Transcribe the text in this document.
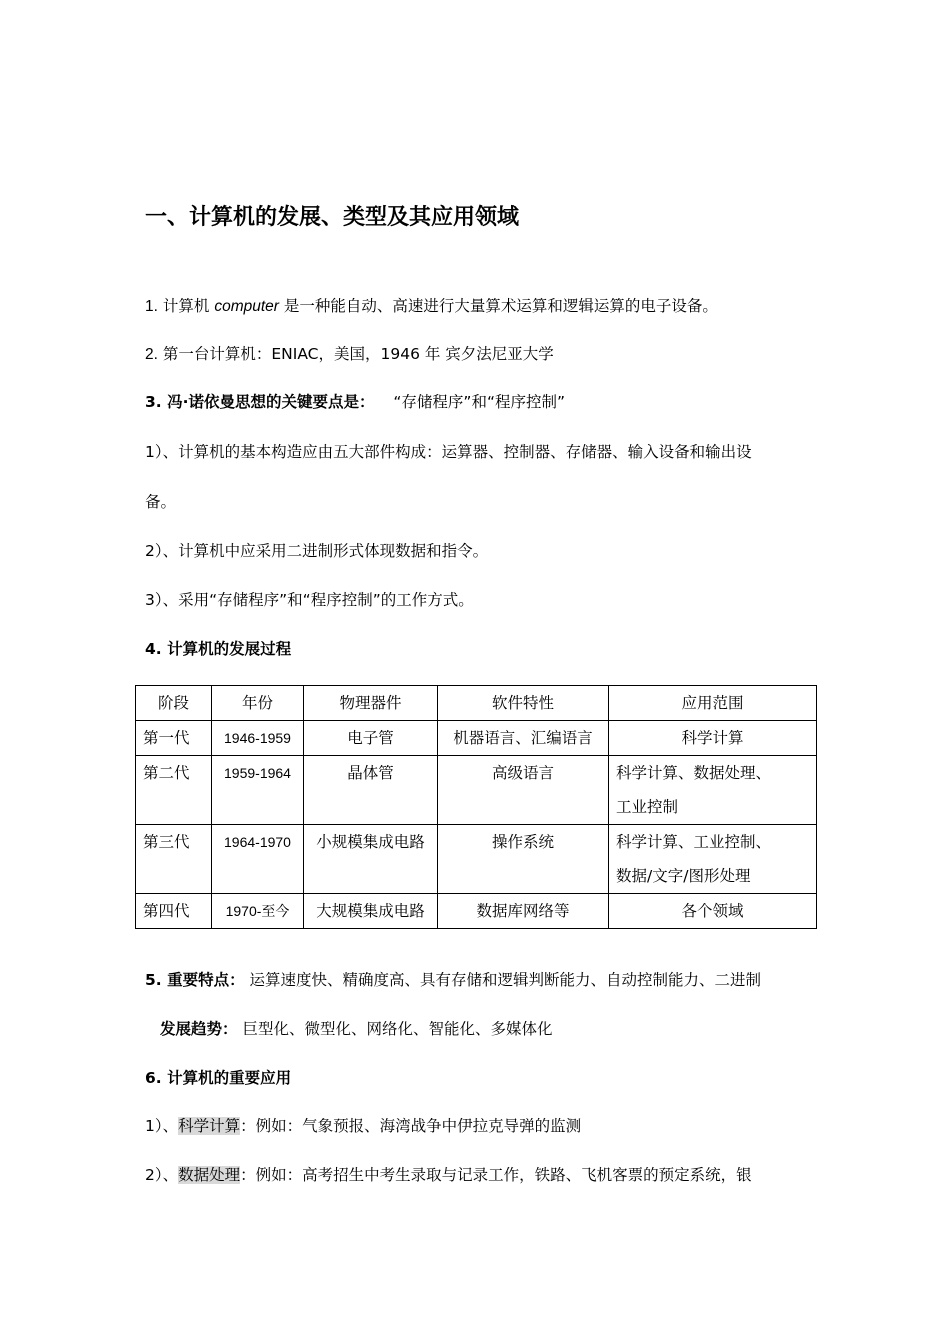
一、计算机的发展、类型及其应用领域
1. 计算机 computer 是一种能自动、高速进行大量算术运算和逻辑运算的电子设备。
2. 第一台计算机：ENIAC，美国，1946 年 宾夕法尼亚大学
3. 冯·诺依曼思想的关键要点是： “存储程序”和“程序控制”
1）、计算机的基本构造应由五大部件构成：运算器、控制器、存储器、输入设备和输出设
备。
2）、计算机中应采用二进制形式体现数据和指令。
3）、采用“存储程序”和“程序控制”的工作方式。
4. 计算机的发展过程
阶段	年份	物理器件	软件特性	应用范围
第一代	1946-1959	电子管	机器语言、汇编语言	科学计算
第二代	1959-1964	晶体管	高级语言	科学计算、数据处理、
工业控制
第三代	1964-1970	小规模集成电路	操作系统	科学计算、工业控制、
数据/文字/图形处理
第四代	1970-至今	大规模集成电路	数据库网络等	各个领域
5. 重要特点： 运算速度快、精确度高、具有存储和逻辑判断能力、自动控制能力、二进制
发展趋势： 巨型化、微型化、网络化、智能化、多媒体化
6. 计算机的重要应用
1）、科学计算：例如：气象预报、海湾战争中伊拉克导弹的监测
2）、数据处理：例如：高考招生中考生录取与记录工作，铁路、飞机客票的预定系统，银
